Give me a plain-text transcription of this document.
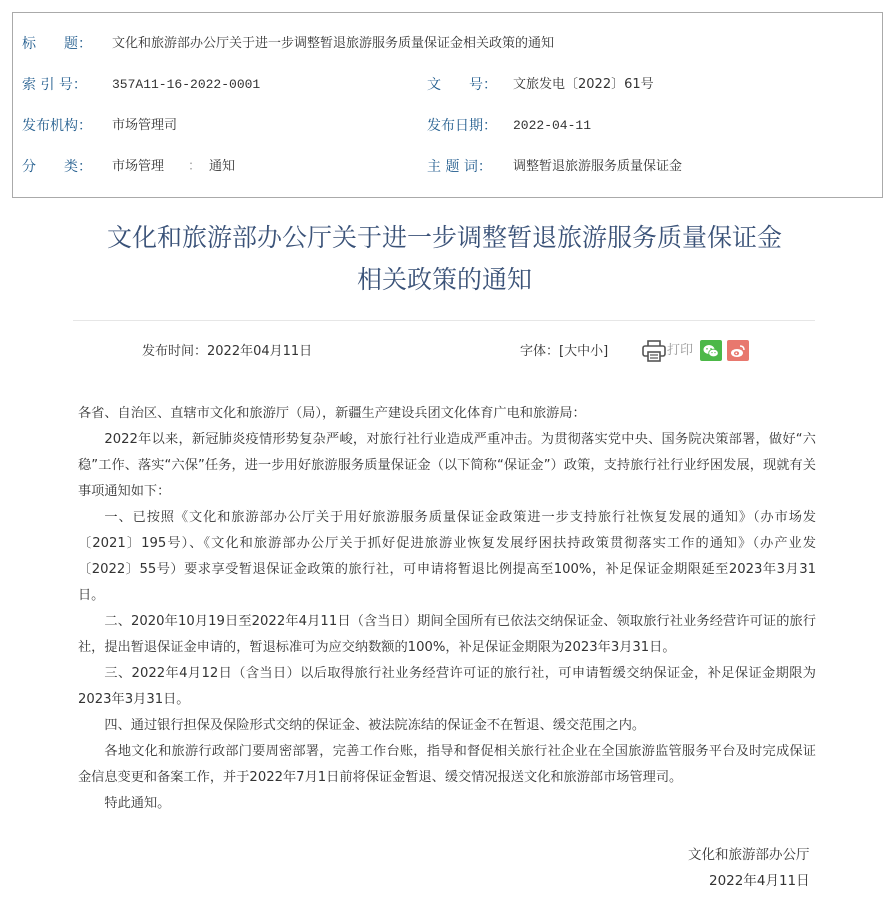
标　　题： 文化和旅游部办公厅关于进一步调整暂退旅游服务质量保证金相关政策的通知
索 引 号： 357A11-16-2022-0001	文　　号： 文旅发电〔2022〕61号
发布机构： 市场管理司	发布日期： 2022-04-11
分　　类： 市场管理 ： 通知	主 题 词： 调整暂退旅游服务质量保证金
文化和旅游部办公厅关于进一步调整暂退旅游服务质量保证金
相关政策的通知
发布时间：2022年04月11日	字体：[大中小]	打印

各省、自治区、直辖市文化和旅游厅（局），新疆生产建设兵团文化体育广电和旅游局：

2022年以来，新冠肺炎疫情形势复杂严峻，对旅行社行业造成严重冲击。为贯彻落实党中央、国务院决策部署，做好“六稳”工作、落实“六保”任务，进一步用好旅游服务质量保证金（以下简称“保证金”）政策，支持旅行社行业纾困发展，现就有关事项通知如下：

一、已按照《文化和旅游部办公厅关于用好旅游服务质量保证金政策进一步支持旅行社恢复发展的通知》（办市场发〔2021〕195号）、《文化和旅游部办公厅关于抓好促进旅游业恢复发展纾困扶持政策贯彻落实工作的通知》（办产业发〔2022〕55号）要求享受暂退保证金政策的旅行社，可申请将暂退比例提高至100%，补足保证金期限延至2023年3月31日。

二、2020年10月19日至2022年4月11日（含当日）期间全国所有已依法交纳保证金、领取旅行社业务经营许可证的旅行社，提出暂退保证金申请的，暂退标准可为应交纳数额的100%，补足保证金期限为2023年3月31日。

三、2022年4月12日（含当日）以后取得旅行社业务经营许可证的旅行社，可申请暂缓交纳保证金，补足保证金期限为2023年3月31日。

四、通过银行担保及保险形式交纳的保证金、被法院冻结的保证金不在暂退、缓交范围之内。

各地文化和旅游行政部门要周密部署，完善工作台账，指导和督促相关旅行社企业在全国旅游监管服务平台及时完成保证金信息变更和备案工作，并于2022年7月1日前将保证金暂退、缓交情况报送文化和旅游部市场管理司。

特此通知。

文化和旅游部办公厅
2022年4月11日
